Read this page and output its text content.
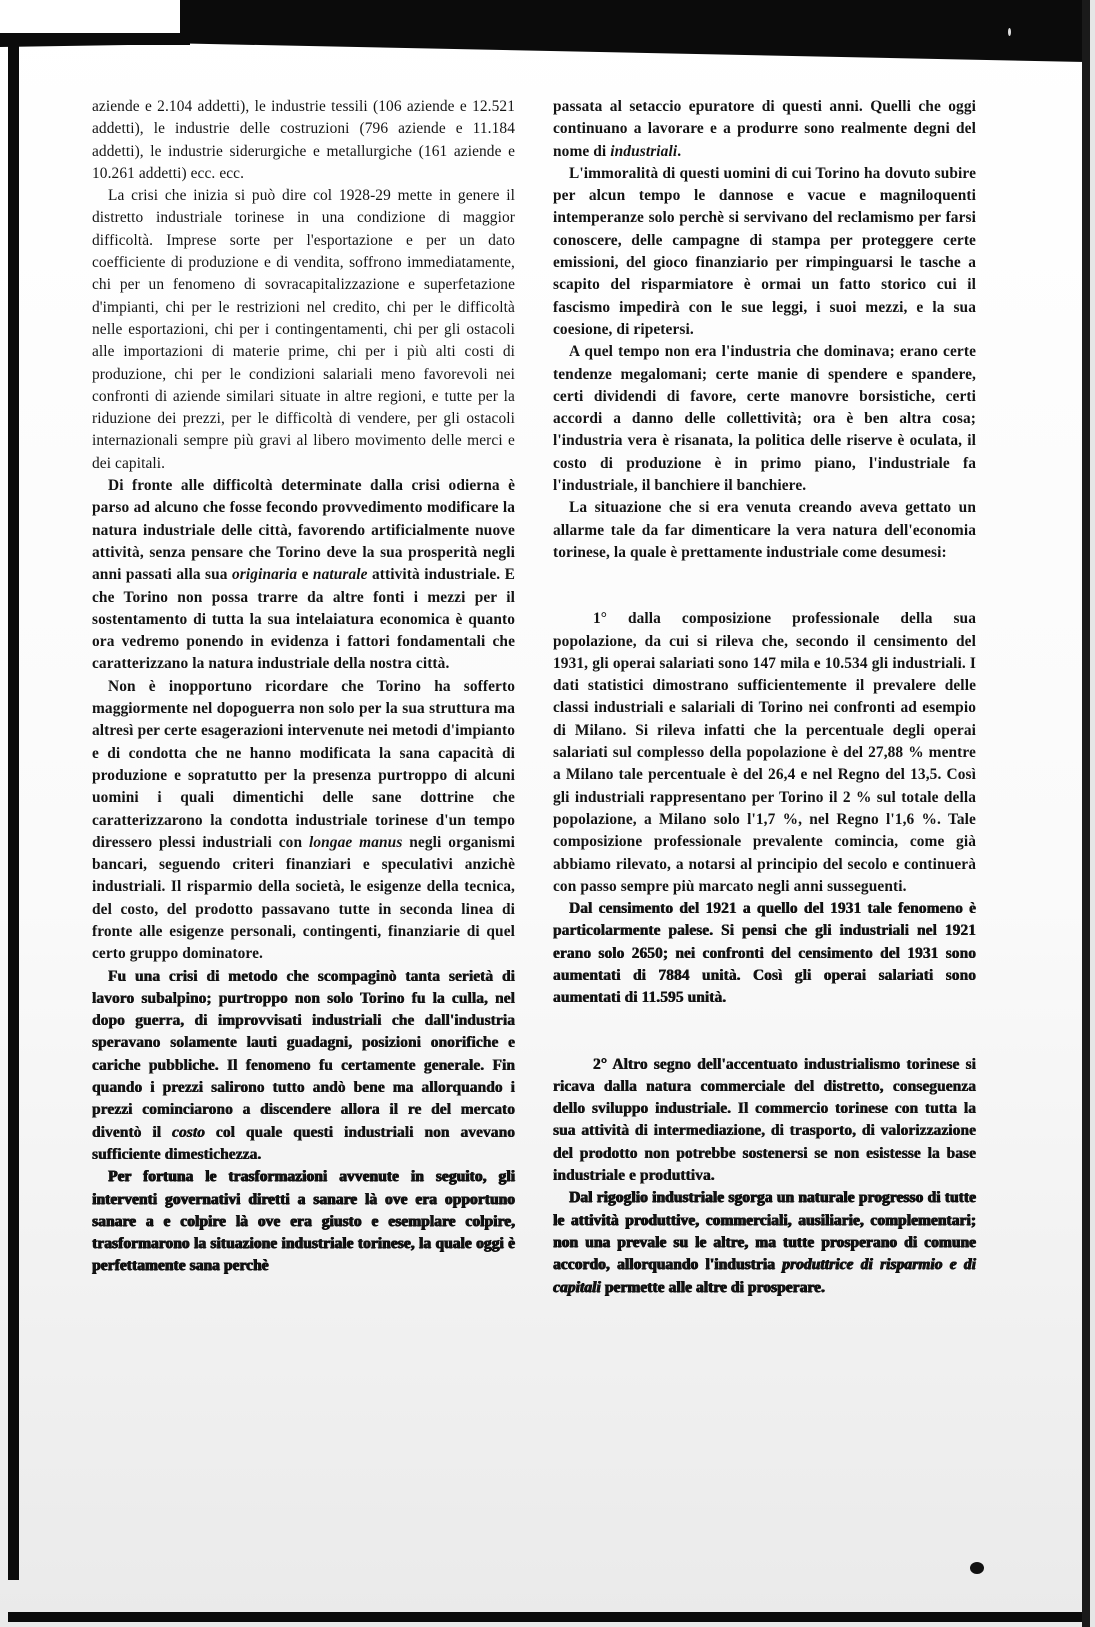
aziende e 2.104 addetti), le industrie tessili (106 aziende e 12.521 addetti), le industrie delle costruzioni (796 aziende e 11.184 addetti), le industrie siderurgiche e metallurgiche (161 aziende e 10.261 addetti) ecc. ecc.

La crisi che inizia si può dire col 1928-29 mette in genere il distretto industriale torinese in una condizione di maggior difficoltà. Imprese sorte per l'esportazione e per un dato coefficiente di produzione e di vendita, soffrono immediatamente, chi per un fenomeno di sovracapitalizzazione e superfetazione d'impianti, chi per le restrizioni nel credito, chi per le difficoltà nelle esportazioni, chi per i contingentamenti, chi per gli ostacoli alle importazioni di materie prime, chi per i più alti costi di produzione, chi per le condizioni salariali meno favorevoli nei confronti di aziende similari situate in altre regioni, e tutte per la riduzione dei prezzi, per le difficoltà di vendere, per gli ostacoli internazionali sempre più gravi al libero movimento delle merci e dei capitali.

Di fronte alle difficoltà determinate dalla crisi odierna è parso ad alcuno che fosse fecondo provvedimento modificare la natura industriale delle città, favorendo artificialmente nuove attività, senza pensare che Torino deve la sua prosperità negli anni passati alla sua originaria e naturale attività industriale. E che Torino non possa trarre da altre fonti i mezzi per il sostentamento di tutta la sua intelaiatura economica è quanto ora vedremo ponendo in evidenza i fattori fondamentali che caratterizzano la natura industriale della nostra città.

Non è inopportuno ricordare che Torino ha sofferto maggiormente nel dopoguerra non solo per la sua struttura ma altresì per certe esagerazioni intervenute nei metodi d'impianto e di condotta che ne hanno modificata la sana capacità di produzione e sopratutto per la presenza purtroppo di alcuni uomini i quali dimentichi delle sane dottrine che caratterizzarono la condotta industriale torinese d'un tempo diressero plessi industriali con longae manus negli organismi bancari, seguendo criteri finanziari e speculativi anzichè industriali. Il risparmio della società, le esigenze della tecnica, del costo, del prodotto passavano tutte in seconda linea di fronte alle esigenze personali, contingenti, finanziarie di quel certo gruppo dominatore.

Fu una crisi di metodo che scompaginò tanta serietà di lavoro subalpino; purtroppo non solo Torino fu la culla, nel dopo guerra, di improvvisati industriali che dall'industria speravano solamente lauti guadagni, posizioni onorifiche e cariche pubbliche. Il fenomeno fu certamente generale. Fin quando i prezzi salirono tutto andò bene ma allorquando i prezzi cominciarono a discendere allora il re del mercato diventò il costo col quale questi industriali non avevano sufficiente dimestichezza.

Per fortuna le trasformazioni avvenute in seguito, gli interventi governativi diretti a sanare là ove era opportuno sanare a e colpire là ove era giusto e esemplare colpire, trasformarono la situazione industriale torinese, la quale oggi è perfettamente sana perchè

passata al setaccio epuratore di questi anni. Quelli che oggi continuano a lavorare e a produrre sono realmente degni del nome di industriali.

L'immoralità di questi uomini di cui Torino ha dovuto subire per alcun tempo le dannose e vacue e magniloquenti intemperanze solo perchè si servivano del reclamismo per farsi conoscere, delle campagne di stampa per proteggere certe emissioni, del gioco finanziario per rimpinguarsi le tasche a scapito del risparmiatore è ormai un fatto storico cui il fascismo impedirà con le sue leggi, i suoi mezzi, e la sua coesione, di ripetersi.

A quel tempo non era l'industria che dominava; erano certe tendenze megalomani; certe manie di spendere e spandere, certi dividendi di favore, certe manovre borsistiche, certi accordi a danno delle collettività; ora è ben altra cosa; l'industria vera è risanata, la politica delle riserve è oculata, il costo di produzione è in primo piano, l'industriale fa l'industriale, il banchiere il banchiere.

La situazione che si era venuta creando aveva gettato un allarme tale da far dimenticare la vera natura dell'economia torinese, la quale è prettamente industriale come desumesi:

1° dalla composizione professionale della sua popolazione, da cui si rileva che, secondo il censimento del 1931, gli operai salariati sono 147 mila e 10.534 gli industriali. I dati statistici dimostrano sufficientemente il prevalere delle classi industriali e salariali di Torino nei confronti ad esempio di Milano. Si rileva infatti che la percentuale degli operai salariati sul complesso della popolazione è del 27,88 % mentre a Milano tale percentuale è del 26,4 e nel Regno del 13,5. Così gli industriali rappresentano per Torino il 2 % sul totale della popolazione, a Milano solo l'1,7 %, nel Regno l'1,6 %. Tale composizione professionale prevalente comincia, come già abbiamo rilevato, a notarsi al principio del secolo e continuerà con passo sempre più marcato negli anni susseguenti.

Dal censimento del 1921 a quello del 1931 tale fenomeno è particolarmente palese. Si pensi che gli industriali nel 1921 erano solo 2650; nei confronti del censimento del 1931 sono aumentati di 7884 unità. Così gli operai salariati sono aumentati di 11.595 unità.

2° Altro segno dell'accentuato industrialismo torinese si ricava dalla natura commerciale del distretto, conseguenza dello sviluppo industriale. Il commercio torinese con tutta la sua attività di intermediazione, di trasporto, di valorizzazione del prodotto non potrebbe sostenersi se non esistesse la base industriale e produttiva.

Dal rigoglio industriale sgorga un naturale progresso di tutte le attività produttive, commerciali, ausiliarie, complementari; non una prevale su le altre, ma tutte prosperano di comune accordo, allorquando l'industria produttrice di risparmio e di capitali permette alle altre di prosperare.
